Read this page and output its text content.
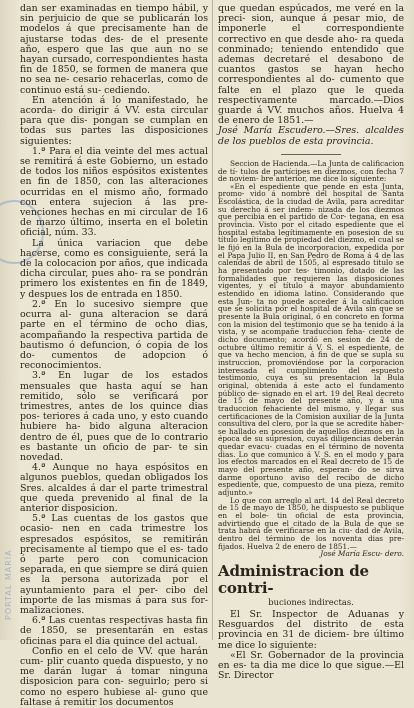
PORTAL MARIA

dan ser examinadas en tiempo hábil, y sin perjuicio de que se publicarán los modelos á que precisamente han de ajustarse todas des- de el presente año, espero que las que aun no se hayan cursado, correspondientes hasta fin de 1850, se formen de manera que no sea ne- cesario rehacerlas, como de continuo está su- cediendo.

En atención á lo manifestado, he acorda- do dirigir á VV. esta circular para que dis- pongan se cumplan en todas sus partes las disposiciones siguientes:

1.ª Para el dia veinte del mes actual se remitirá á este Gobierno, un estado de todos los niños espósitos existentes en fin de 1850, con las alteraciones ocurridas en el mismo año, formado con entera sujecion á las pre- venciones hechas en mi circular de 16 de marzo último, inserta en el boletin oficial, núm. 33.

La única variacion que debe hacerse, como es consiguiente, será la de la colocacion por años, que indicada dicha circular, pues aho- ra se pondrán primero los existentes en fin de 1849, y despues los de entrada en 1850.

2.ª En lo sucesivo siempre que ocurra al- guna alteracion se dará parte en el término de ocho dias, acompañando la respectiva partida de bautismo ó defuncion, ó copia de los do- cumentos de adopcion ó reconocimientos.

3.ª En lugar de los estados mensuales que hasta aquí se han remitido, sólo se verificará por trimestres, antes de los quince dias pos- teriores á cada uno, y esto cuando hubiere ha- bido alguna alteracion dentro de él, pues que de lo contrario es bastante un oficio de par- te sin novedad.

4.ª Aunque no haya espósitos en algunos pueblos, quedan obligados los Sres. alcaldes á dar el parte trimestral que queda prevenido al final de la anterior disposicion.

5.ª Las cuentas de los gastos que ocasio- nen en cada trimestre los espresados espósitos, se remitirán precisamente al tiempo que el es- tado ó parte pero con comunicacion separada, en que siempre se dirá quien es la persona autorizada por el ayuntamiento para el per- cibo del importe de las mismas á para sus for- malizaciones.

6.ª Las cuentas respectivas hasta fin de 1850, se presentarán en estas oficinas para el dia quince del actual.

Confio en el celo de VV. que harán cum- plir cuanto queda dispuesto, y no me darán lugar á tomar ninguna disposicion para con- seguirlo; pero si como no espero hubiese al- guno que faltase á remitir los documentos

que quedan espúcados, me veré en la preci- sion, aunque á pesar mio, de imponerle el correspondiente correctivo en que desde aho- ra queda conminado; teniendo entendido que ademas decretaré el desabono de cuantos gastos se hayan hecho correspondientes al do- cumento que falte en el plazo que le queda respectivamente marcado.—Dios guarde á VV. muchos años. Huelva 4 de enero de 1851.—

José María Escudero.—Sres. alcaldes de los pueblos de esta provincia.

Seccion de Hacienda.—La Junta de calificacion de tí- tulos de partícipes en diezmos, con fecha 7 de noviem- bre anterior, me dice lo siguiente:

«En el espediente que pende en esta Junta, promo- vido á nombre del hospital de Santa Escolástica, de la ciudad de Avila, para acreditar su derecho á ser indem- nizada de los diezmos que percibia en el partido de Cor- tegana, en esa provincia. Visto por el citado espediente que el hospital estaba legítimamente en posesion de su título legítimo de propiedad del diezmo, el cual se le fijó en la Bula de incorporacion, expedida por el Papa Julio II, en San Pedro de Roma á 4 de las calendas de abril de 1505, al espresado titulo se ha presentado por tes- timonio, dotado de las formalidades que requieren las disposiciones vigentes, y el título á mayor abundamiento estendido en idioma latino. Considerando que esta Jun- ta no puede acceder á la calificacion que se solicita por el hospital de Avila sin que se presente la Bula original, ó en concreto en forma con la mision del testimonio que se ha tenido á la vista, y se acompañe traduccion feha- ciente de dicho documento; acordó en sesion de 24 de octubre último remitir á V. S. el espediente, de que va hecho mencion, á fin de que se supla su instruccion, promoviéndose por la corporacion interesada el cumplimiento del espuesto testimonio, cuya es su presentacion la Bula original, obtenida á este acto el fundamento público de- signado en el art. 19 del Real decreto de 15 de mayo del presente año, y á una traduccion fehaciente del mismo, y llegar sus certificaciones de la Comision auxiliar de la Junta consultiva del clero, por la que se acredite haber- se hallado en posesion de aquellos diezmos en la época de su supresion, cuyas diligencias deberán quedar evacu- cuadas en el término de noventa dias. Lo que comunico á V. S. en el modo y para los efectos marcados en el Real decreto de 15 de mayo del presente año, esperan- do se sirva darme oportuno aviso del recibo de dicho espediente, que, compuesto de una pieza, remito adjunto.»

Lo que con arreglo al art. 14 del Real decreto de 15 de mayo de 1850, he dispuesto se publique en el bole- tin oficial de esta provincia, advirtiendo que el citado de la Bula de que se trata habrá de verificarse en la ciu- dad de Avila, dentro del término de los noventa dias pre- fijados. Huelva 2 de enero de 1851.—

José María Escu- dero.

Administracion de contri-
buciones indirectas.

El Sr. Inspector de Aduanas y Resguardos del distrito de esta provincia en 31 de diciem- bre último me dice lo siguiente:

«El Sr. Gobernador de la provincia en es- ta dia me dice lo que sigue.—El Sr. Director
